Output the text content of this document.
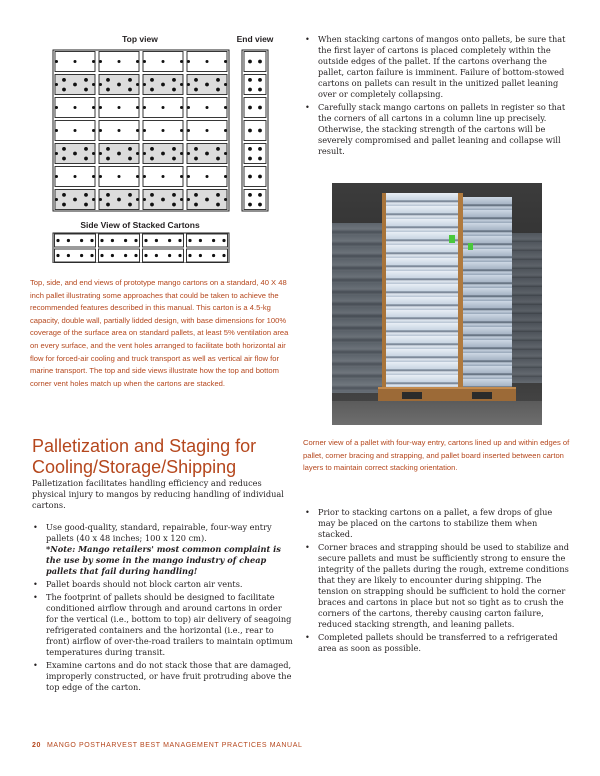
Top view	End view
Side View of Stacked Cartons
Top, side, and end views of prototype mango cartons on a standard, 40 X 48 inch pallet illustrating some approaches that could be taken to achieve the recommended features described in this manual. This carton is a 4.5-kg capacity, double wall, partially lidded design, with base dimensions for 100% coverage of the surface area on standard pallets, at least 5% ventilation area on every surface, and the vent holes arranged to facilitate both horizontal air flow for forced-air cooling and truck transport as well as vertical air flow for marine transport. The top and side views illustrate how the top and bottom corner vent holes match up when the cartons are stacked.
Palletization and Staging for Cooling/Storage/Shipping
Palletization facilitates handling efficiency and reduces physical injury to mangos by reducing handling of individual cartons.
• Use good-quality, standard, repairable, four-way entry pallets (40 x 48 inches; 100 x 120 cm).
*Note: Mango retailers' most common complaint is the use by some in the mango industry of cheap pallets that fail during handling!
• Pallet boards should not block carton air vents.
• The footprint of pallets should be designed to facilitate conditioned airflow through and around cartons in order for the vertical (i.e., bottom to top) air delivery of seagoing refrigerated containers and the horizontal (i.e., rear to front) airflow of over-the-road trailers to maintain optimum temperatures during transit.
• Examine cartons and do not stack those that are damaged, improperly constructed, or have fruit protruding above the top edge of the carton.
• When stacking cartons of mangos onto pallets, be sure that the first layer of cartons is placed completely within the outside edges of the pallet. If the cartons overhang the pallet, carton failure is imminent. Failure of bottom-stowed cartons on pallets can result in the unitized pallet leaning over or completely collapsing.
• Carefully stack mango cartons on pallets in register so that the corners of all cartons in a column line up precisely. Otherwise, the stacking strength of the cartons will be severely compromised and pallet leaning and collapse will result.
Corner view of a pallet with four-way entry, cartons lined up and within edges of pallet, corner bracing and strapping, and pallet board inserted between carton layers to maintain correct stacking orientation.
• Prior to stacking cartons on a pallet, a few drops of glue may be placed on the cartons to stabilize them when stacked.
• Corner braces and strapping should be used to stabilize and secure pallets and must be sufficiently strong to ensure the integrity of the pallets during the rough, extreme conditions that they are likely to encounter during shipping. The tension on strapping should be sufficient to hold the corner braces and cartons in place but not so tight as to crush the corners of the cartons, thereby causing carton failure, reduced stacking strength, and leaning pallets.
• Completed pallets should be transferred to a refrigerated area as soon as possible.
20 MANGO POSTHARVEST BEST MANAGEMENT PRACTICES MANUAL
